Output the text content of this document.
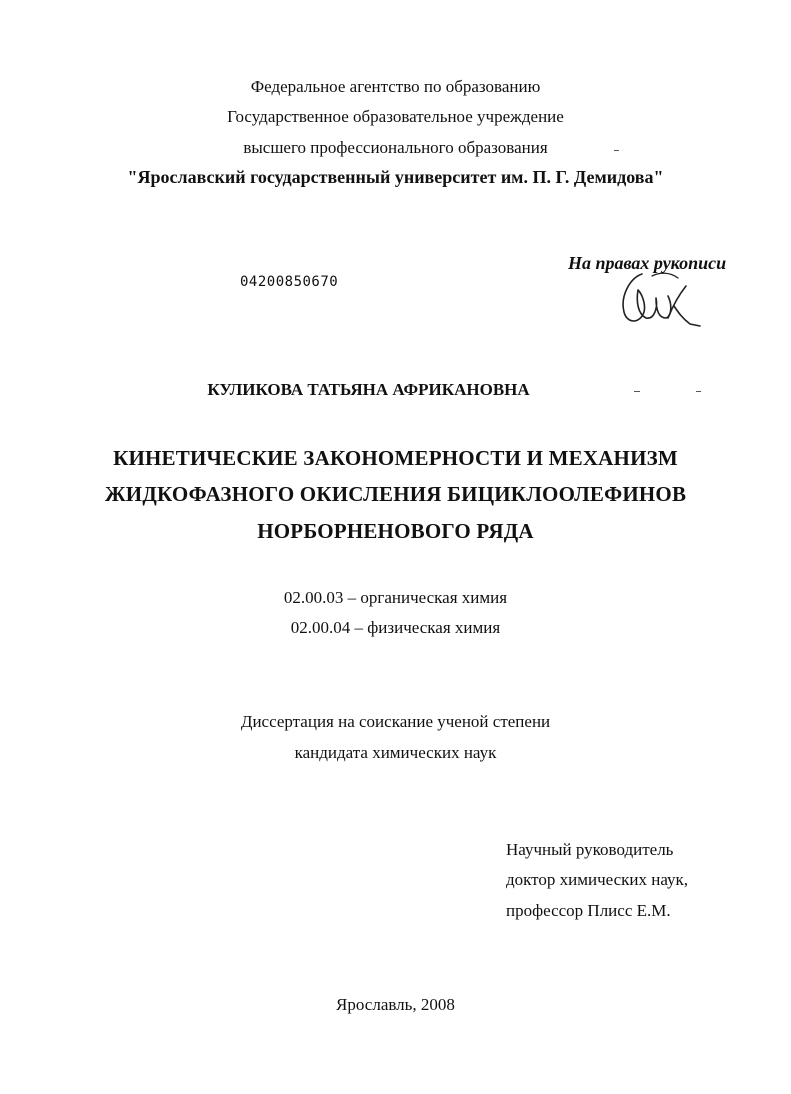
Федеральное агентство по образованию
Государственное образовательное учреждение
высшего профессионального образования
"Ярославский государственный университет им. П. Г. Демидова"
На правах рукописи
04200850670
КУЛИКОВА ТАТЬЯНА АФРИКАНОВНА
КИНЕТИЧЕСКИЕ ЗАКОНОМЕРНОСТИ И МЕХАНИЗМ
ЖИДКОФАЗНОГО ОКИСЛЕНИЯ БИЦИКЛООЛЕФИНОВ
НОРБОРНЕНОВОГО РЯДА
02.00.03 – органическая химия
02.00.04 – физическая химия
Диссертация на соискание ученой степени
кандидата химических наук
Научный руководитель
доктор химических наук,
профессор Плисс Е.М.
Ярославль, 2008
